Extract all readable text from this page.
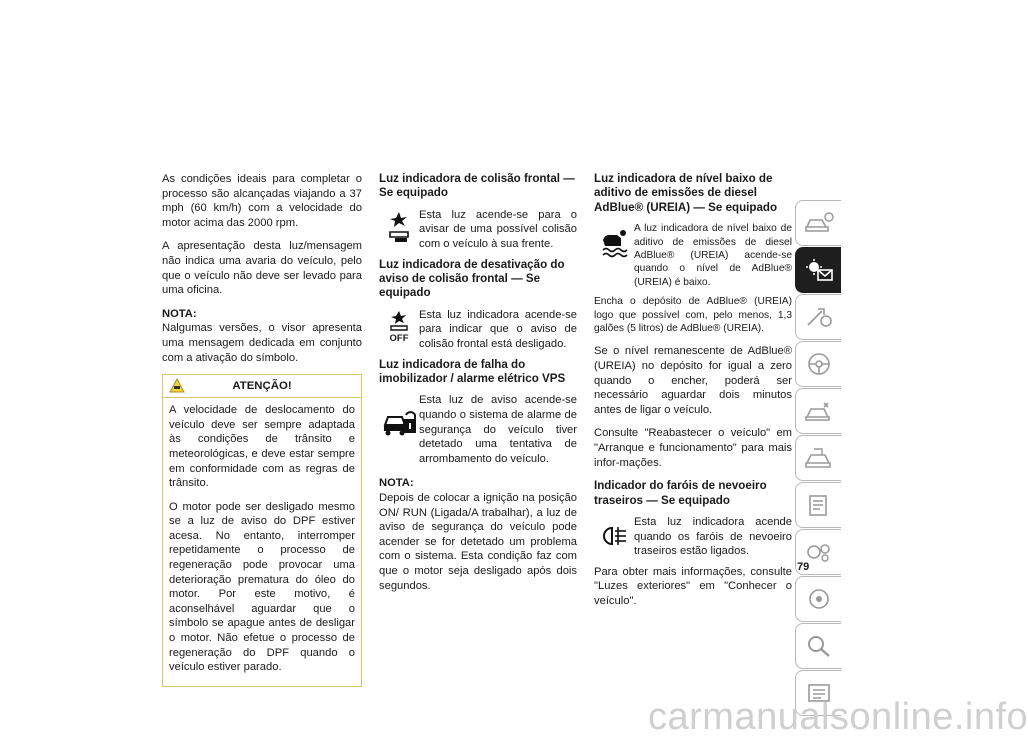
As condições ideais para completar o processo são alcançadas viajando a 37 mph (60 km/h) com a velocidade do motor acima das 2000 rpm.

A apresentação desta luz/mensagem não indica uma avaria do veículo, pelo que o veículo não deve ser levado para uma oficina.

NOTA:
Nalgumas versões, o visor apresenta uma mensagem dedicada em conjunto com a ativação do símbolo.

ATENÇÃO!

A velocidade de deslocamento do veículo deve ser sempre adaptada às condições de trânsito e meteorológicas, e deve estar sempre em conformidade com as regras de trânsito.

O motor pode ser desligado mesmo se a luz de aviso do DPF estiver acesa. No entanto, interromper repetidamente o processo de regeneração pode provocar uma deterioração prematura do óleo do motor. Por este motivo, é aconselhável aguardar que o símbolo se apague antes de desligar o motor. Não efetue o processo de regeneração do DPF quando o veículo estiver parado.

Luz indicadora de colisão frontal — Se equipado

Esta luz acende-se para o avisar de uma possível colisão com o veículo à sua frente.

Luz indicadora de desativação do aviso de colisão frontal — Se equipado
OFF

Esta luz indicadora acende-se para indicar que o aviso de colisão frontal está desligado.

Luz indicadora de falha do imobilizador / alarme elétrico VPS

Esta luz de aviso acende-se quando o sistema de alarme de segurança do veículo tiver detetado uma tentativa de arrombamento do veículo.

NOTA:
Depois de colocar a ignição na posição ON/ RUN (Ligada/A trabalhar), a luz de aviso de segurança do veículo pode acender se for detetado um problema com o sistema. Esta condição faz com que o motor seja desligado após dois segundos.

Luz indicadora de nível baixo de aditivo de emissões de diesel AdBlue® (UREIA) — Se equipado

A luz indicadora de nível baixo de aditivo de emissões de diesel AdBlue® (UREIA) acende-se quando o nível de AdBlue® (UREIA) é baixo.

Encha o depósito de AdBlue® (UREIA) logo que possível com, pelo menos, 1,3 galões (5 litros) de AdBlue® (UREIA).

Se o nível remanescente de AdBlue® (UREIA) no depósito for igual a zero quando o encher, poderá ser necessário aguardar dois minutos antes de ligar o veículo.

Consulte "Reabastecer o veículo" em "Arranque e funcionamento" para mais infor-mações.

Indicador do faróis de nevoeiro traseiros — Se equipado

Esta luz indicadora acende quando os faróis de nevoeiro traseiros estão ligados.

Para obter mais informações, consulte "Luzes exteriores" em "Conhecer o veículo".

79
carmanualsonline.info
